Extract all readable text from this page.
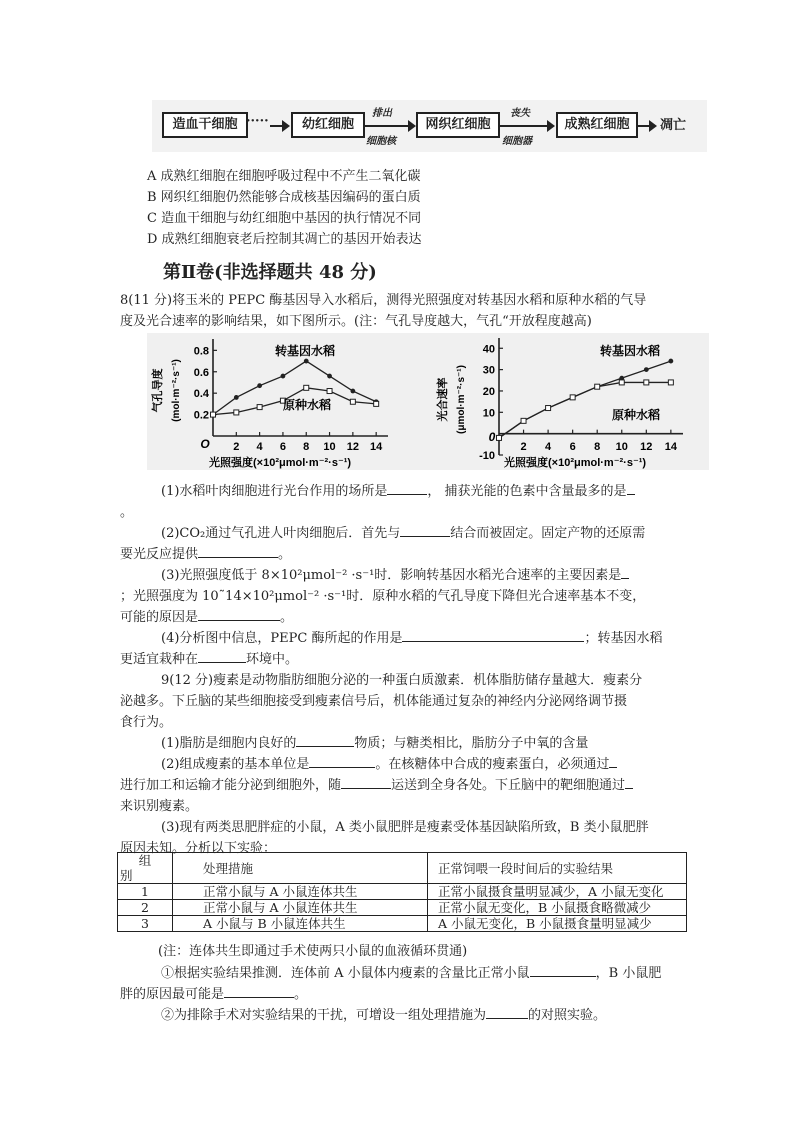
造血干细胞 ·····	幼红细胞
排出
细胞核
网织红细胞
丧失
细胞器
成熟红细胞	凋亡
A 成熟红细胞在细胞呼吸过程中不产生二氧化碳
B 网织红细胞仍然能够合成核基因编码的蛋白质
C 造血干细胞与幼红细胞中基因的执行情况不同
D 成熟红细胞衰老后控制其凋亡的基因开始表达
第Ⅱ卷(非选择题共 48 分)
8(11 分)将玉米的 PEPC 酶基因导入水稻后，测得光照强度对转基因水稻和原种水稻的气导
度及光合速率的影响结果，如下图所示。(注：气孔导度越大，气孔“开放程度越高)
2 4 6 8 10 12 14
0.2
0.4
0.6
0.8
O
气孔导度 (mol·m⁻²·s⁻¹)
光照强度(×10²μmol·m⁻²·s⁻¹)
转基因水稻
原种水稻
2 4 6 8 10 12 14
-10
10
20
30
40
0
光合速率 (μmol·m⁻²·s⁻¹)
光照强度(×10²μmol·m⁻²·s⁻¹)
转基因水稻
原种水稻
(1)水稻叶肉细胞进行光台作用的场所是	， 捕获光能的色素中含量最多的是
。
(2)CO₂通过气孔进人叶肉细胞后．首先与	结合而被固定。固定产物的还原需
要光反应提供	。
(3)光照强度低于 8×10²μmol⁻² ·s⁻¹时．影响转基因水稻光合速率的主要因素是
；光照强度为 10˜14×10²μmol⁻² ·s⁻¹时．原种水稻的气孔导度下降但光合速率基本不变，
可能的原因是	。
(4)分析图中信息，PEPC 酶所起的作用是	；转基因水稻
更适宜栽种在	环境中。
9(12 分)瘦素是动物脂肪细胞分泌的一种蛋白质激素．机体脂肪储存量越大．瘦素分
泌越多。下丘脑的某些细胞接受到瘦素信号后，机体能通过复杂的神经内分泌网络调节摄
食行为。
(1)脂肪是细胞内良好的	物质；与糖类相比，脂肪分子中氧的含量
(2)组成瘦素的基本单位是	。在核糖体中合成的瘦素蛋白，必须通过
进行加工和运输才能分泌到细胞外，随	运送到全身各处。下丘脑中的靶细胞通过
来识别瘦素。
(3)现有两类思肥胖症的小鼠，A 类小鼠肥胖是瘦素受体基因缺陷所致，B 类小鼠肥胖
原因未知。分析以下实验：
组
别	处理措施	正常饲喂一段时间后的实验结果
1	正常小鼠与 A 小鼠连体共生	正常小鼠摄食量明显减少，A 小鼠无变化
2	正常小鼠与 A 小鼠连体共生	正常小鼠无变化，B 小鼠摄食略微减少
3	A 小鼠与 B 小鼠连体共生	A 小鼠无变化，B 小鼠摄食量明显减少
(注：连体共生即通过手术使两只小鼠的血液循环贯通)
①根据实验结果推测．连体前 A 小鼠体内瘦素的含量比正常小鼠	，B 小鼠肥
胖的原因最可能是	。
②为排除手术对实验结果的干扰，可增设一组处理措施为	的对照实验。
